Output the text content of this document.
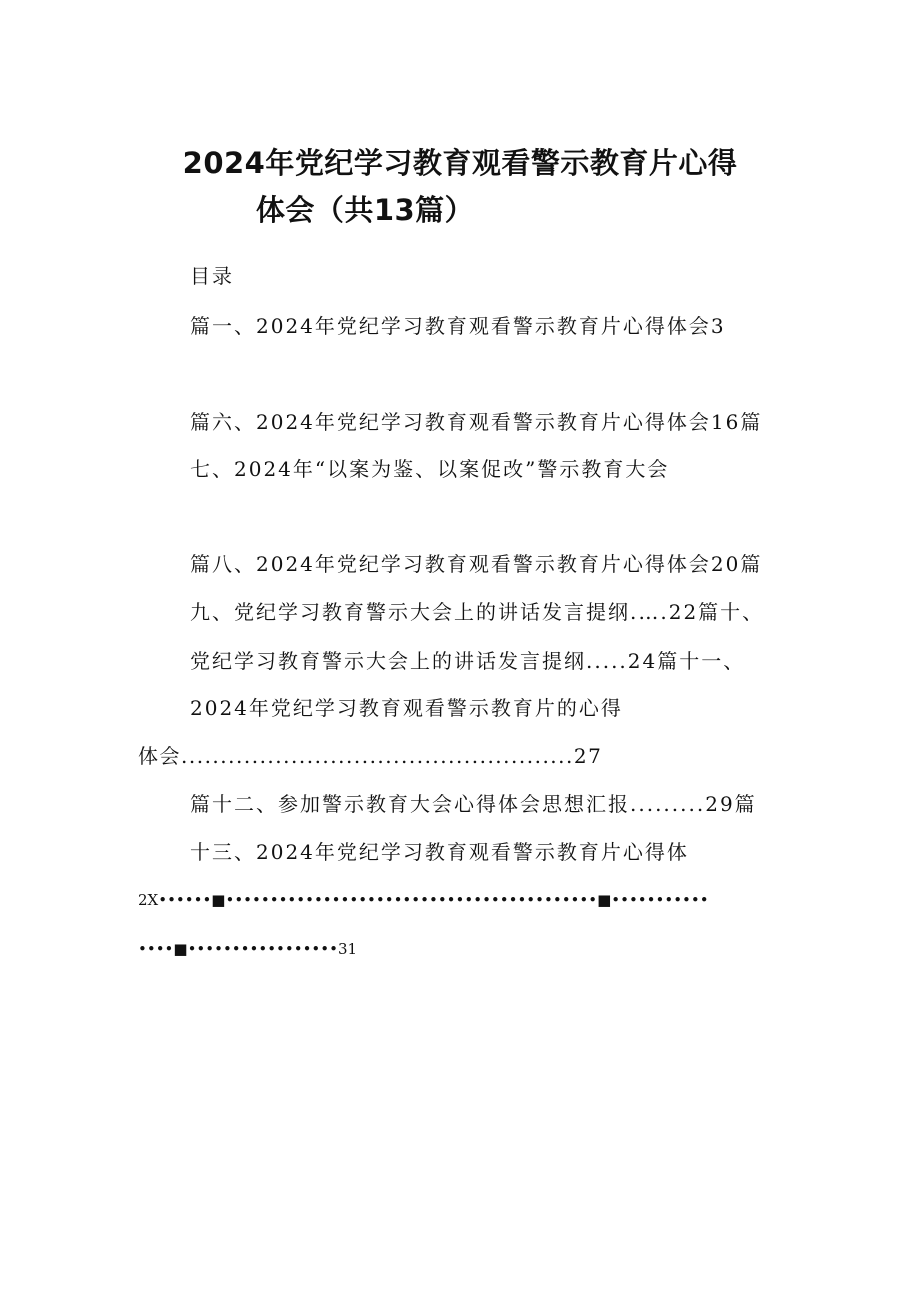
2024年党纪学习教育观看警示教育片心得
体会（共13篇）
目录
篇一、2024年党纪学习教育观看警示教育片心得体会3
篇六、2024年党纪学习教育观看警示教育片心得体会16篇
七、2024年“以案为鉴、以案促改”警示教育大会
篇八、2024年党纪学习教育观看警示教育片心得体会20篇
九、党纪学习教育警示大会上的讲话发言提纲.….22篇十、
党纪学习教育警示大会上的讲话发言提纲.....24篇十一、
2024年党纪学习教育观看警示教育片的心得
体会..................................................27
篇十二、参加警示教育大会心得体会思想汇报.........29篇
十三、2024年党纪学习教育观看警示教育片心得体
2X••••••■••••••••••••••••••••••••••••••••••••••••••■•••••••••••
••••■•••••••••••••••••31
